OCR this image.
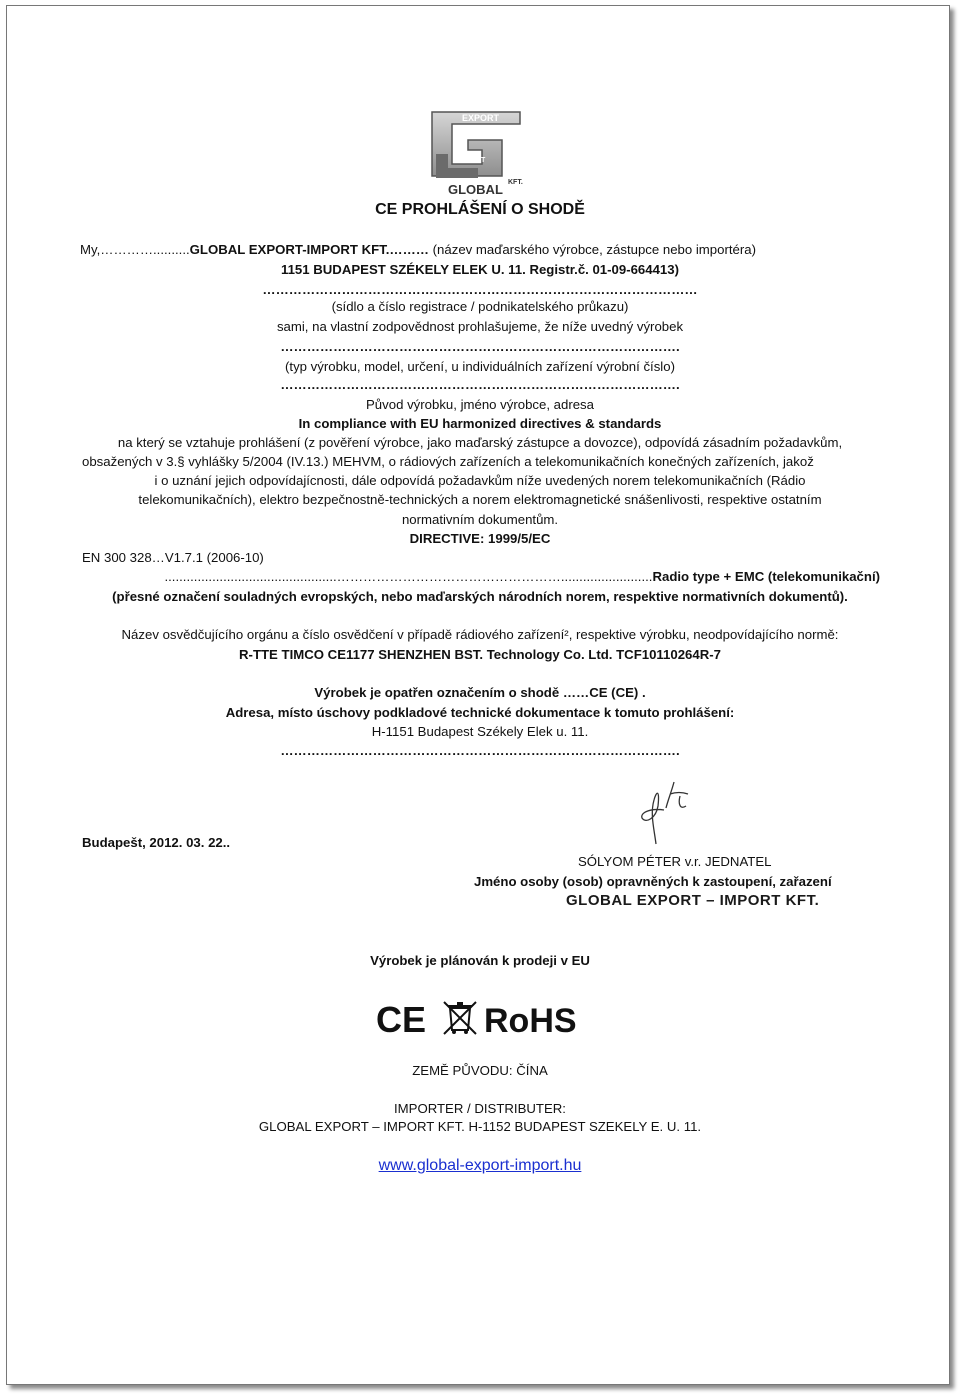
EXPORT
IMPORT
GLOBAL KFT.
CE PROHLÁŠENÍ O SHODĚ
My,…………..........GLOBAL EXPORT-IMPORT KFT.……… (název maďarského výrobce, zástupce nebo importéra)
1151 BUDAPEST SZÉKELY ELEK U. 11. Registr.č. 01-09-664413)
………………………………………………………………………………………
(sídlo a číslo registrace / podnikatelského průkazu)
sami, na vlastní zodpovědnost prohlašujeme, že níže uvedný výrobek
……………………………………………………………………………….
(typ výrobku, model, určení, u individuálních zařízení výrobní číslo)
……………………………………………………………………………….
Původ výrobku, jméno výrobce, adresa
In compliance with EU harmonized directives & standards
na který se vztahuje prohlášení (z pověření výrobce, jako maďarský zástupce a dovozce), odpovídá zásadním požadavkům,
obsažených v 3.§ vyhlášky 5/2004 (IV.13.) MEHVM, o rádiových zařízeních a telekomunikačních konečných zařízeních, jakož
i o uznání jejich odpovídajícnosti, dále odpovídá požadavkům níže uvedených norem telekomunikačních (Rádio
telekomunikačních), elektro bezpečnostně-technických a norem elektromagnetické snášenlivosti, respektive ostatním
normativním dokumentům.
DIRECTIVE: 1999/5/EC
EN 300 328…V1.7.1 (2006-10)
...............................................…………………………………………….........................Radio type + EMC (telekomunikační)
(přesné označení souladných evropských, nebo maďarských národních norem, respektive normativních dokumentů).
Název osvědčujícího orgánu a číslo osvědčení v případě rádiového zařízení², respektive výrobku, neodpovídajícího normě:
R-TTE TIMCO CE1177 SHENZHEN BST. Technology Co. Ltd. TCF10110264R-7
Výrobek je opatřen označením o shodě ……CE (CE) .
Adresa, místo úschovy podkladové technické dokumentace k tomuto prohlášení:
H-1151 Budapest Székely Elek u. 11.
……………………………………………………………………………….
Budapešt, 2012. 03. 22..
SÓLYOM PÉTER v.r. JEDNATEL
Jméno osoby (osob) opravněných k zastoupení, zařazení
GLOBAL EXPORT – IMPORT KFT.
Výrobek je plánován k prodeji v EU
CE RoHS
ZEMĚ PŮVODU: ČÍNA
IMPORTER / DISTRIBUTER:
GLOBAL EXPORT – IMPORT KFT. H-1152 BUDAPEST SZEKELY E. U. 11.
www.global-export-import.hu
